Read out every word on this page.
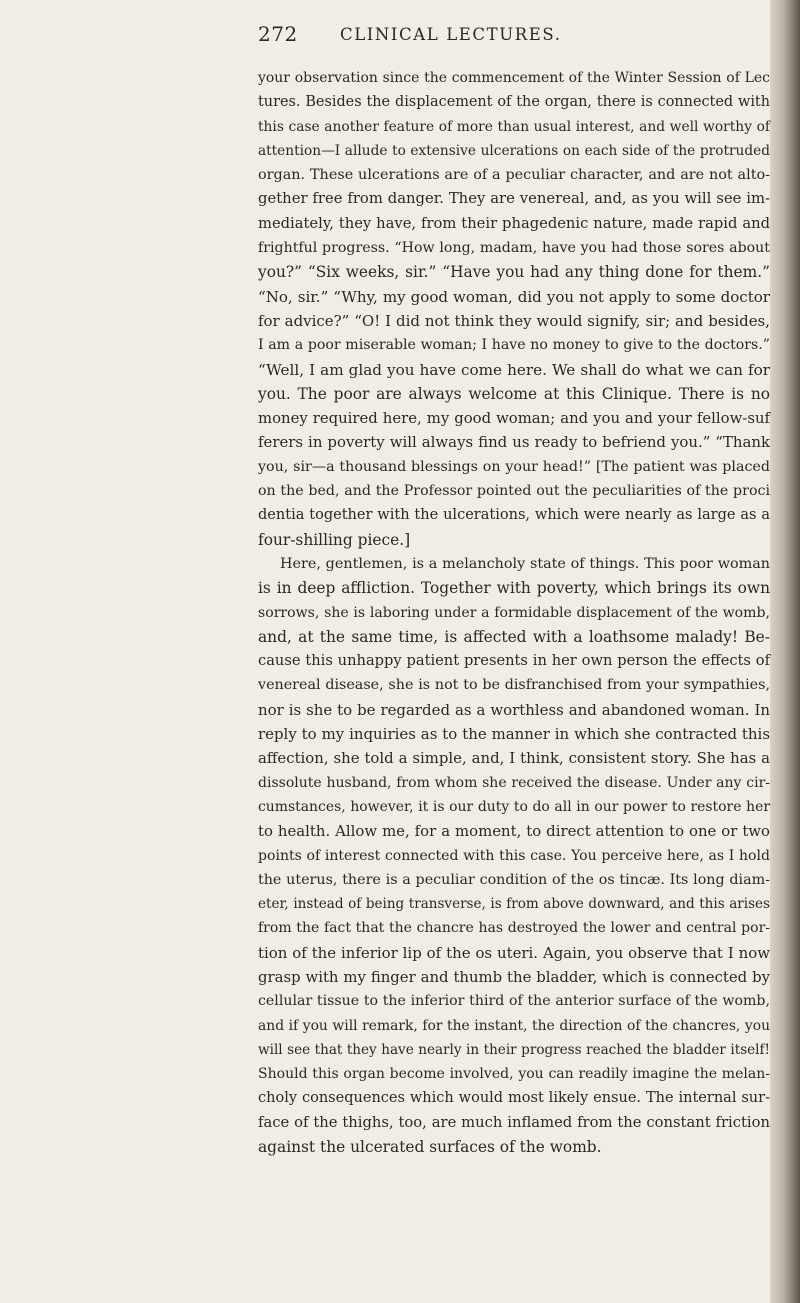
272	CLINICAL LECTURES.
your observation since the commencement of the Winter Session of Lec
tures. Besides the displacement of the organ, there is connected with
this case another feature of more than usual interest, and well worthy of
attention—I allude to extensive ulcerations on each side of the protruded
organ. These ulcerations are of a peculiar character, and are not alto-
gether free from danger. They are venereal, and, as you will see im-
mediately, they have, from their phagedenic nature, made rapid and
frightful progress. “How long, madam, have you had those sores about
you?” “Six weeks, sir.” “Have you had any thing done for them.”
“No, sir.” “Why, my good woman, did you not apply to some doctor
for advice?” “O! I did not think they would signify, sir; and besides,
I am a poor miserable woman; I have no money to give to the doctors.”
“Well, I am glad you have come here. We shall do what we can for
you. The poor are always welcome at this Clinique. There is no
money required here, my good woman; and you and your fellow-suf
ferers in poverty will always find us ready to befriend you.” “Thank
you, sir—a thousand blessings on your head!” [The patient was placed
on the bed, and the Professor pointed out the peculiarities of the proci
dentia together with the ulcerations, which were nearly as large as a
four-shilling piece.]
Here, gentlemen, is a melancholy state of things. This poor woman
is in deep affliction. Together with poverty, which brings its own
sorrows, she is laboring under a formidable displacement of the womb,
and, at the same time, is affected with a loathsome malady! Be-
cause this unhappy patient presents in her own person the effects of
venereal disease, she is not to be disfranchised from your sympathies,
nor is she to be regarded as a worthless and abandoned woman. In
reply to my inquiries as to the manner in which she contracted this
affection, she told a simple, and, I think, consistent story. She has a
dissolute husband, from whom she received the disease. Under any cir-
cumstances, however, it is our duty to do all in our power to restore her
to health. Allow me, for a moment, to direct attention to one or two
points of interest connected with this case. You perceive here, as I hold
the uterus, there is a peculiar condition of the os tincæ. Its long diam-
eter, instead of being transverse, is from above downward, and this arises
from the fact that the chancre has destroyed the lower and central por-
tion of the inferior lip of the os uteri. Again, you observe that I now
grasp with my finger and thumb the bladder, which is connected by
cellular tissue to the inferior third of the anterior surface of the womb,
and if you will remark, for the instant, the direction of the chancres, you
will see that they have nearly in their progress reached the bladder itself!
Should this organ become involved, you can readily imagine the melan-
choly consequences which would most likely ensue. The internal sur-
face of the thighs, too, are much inflamed from the constant friction
against the ulcerated surfaces of the womb.
